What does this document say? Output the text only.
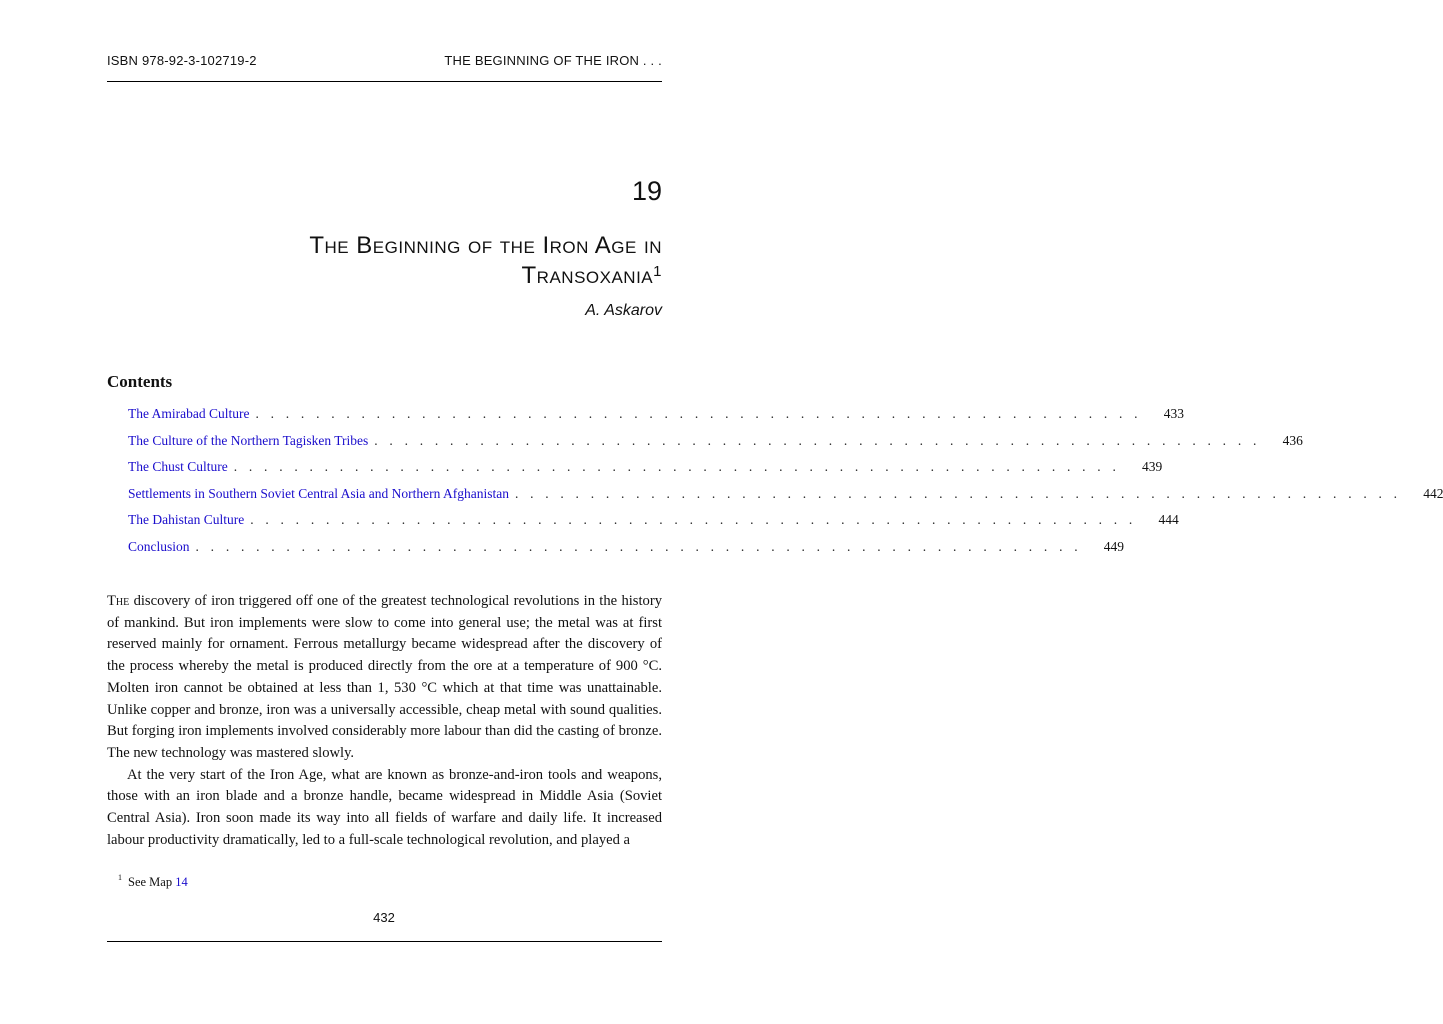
ISBN 978-92-3-102719-2	THE BEGINNING OF THE IRON . . .
19
The Beginning of the Iron Age in
Transoxania$^1$
A. Askarov
Contents
The Amirabad Culture . . . . . . . . . . . . . . . . . . . . . . . . . . . . . . . . . . . . . . . . . . . . . . . . . . . . . . . . . . . 433
The Culture of the Northern Tagisken Tribes . . . . . . . . . . . . . . . . . . . . . . . . . . . . . . . . . . . . . . . . . . . . . . . . . . . . . . . . . . . 436
The Chust Culture . . . . . . . . . . . . . . . . . . . . . . . . . . . . . . . . . . . . . . . . . . . . . . . . . . . . . . . . . . . 439
Settlements in Southern Soviet Central Asia and Northern Afghanistan . . . . . . . . . . . . . . . . . . . . . . . . . . . . . . . . . . . . . . . . . . . . . . . . . . . . . . . . . . . 442
The Dahistan Culture . . . . . . . . . . . . . . . . . . . . . . . . . . . . . . . . . . . . . . . . . . . . . . . . . . . . . . . . . . . 444
Conclusion . . . . . . . . . . . . . . . . . . . . . . . . . . . . . . . . . . . . . . . . . . . . . . . . . . . . . . . . . . . 449

The discovery of iron triggered off one of the greatest technological revolutions in the history of mankind. But iron implements were slow to come into general use; the metal was at first reserved mainly for ornament. Ferrous metallurgy became widespread after the discovery of the process whereby the metal is produced directly from the ore at a temperature of 900 °C. Molten iron cannot be obtained at less than 1, 530 °C which at that time was unattainable. Unlike copper and bronze, iron was a universally accessible, cheap metal with sound qualities. But forging iron implements involved considerably more labour than did the casting of bronze. The new technology was mastered slowly.

At the very start of the Iron Age, what are known as bronze-and-iron tools and weapons, those with an iron blade and a bronze handle, became widespread in Middle Asia (Soviet Central Asia). Iron soon made its way into all fields of warfare and daily life. It increased labour productivity dramatically, led to a full-scale technological revolution, and played a

$^1$ See Map 14
432
